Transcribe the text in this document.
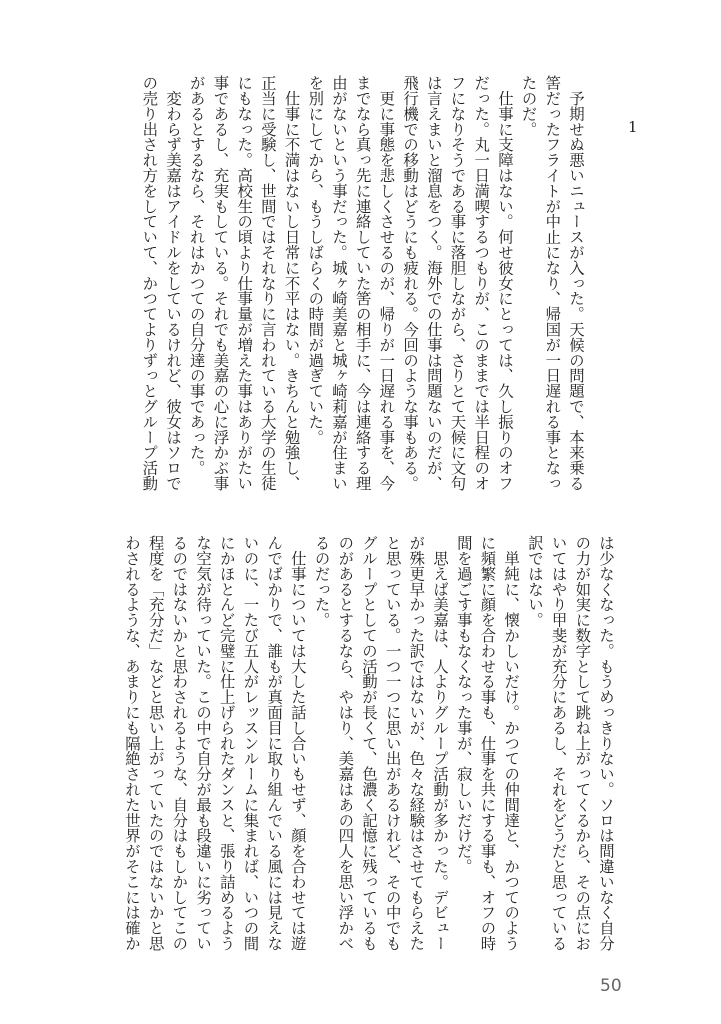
1

　予期せぬ悪いニュースが入った。天候の問題で、本来乗る

筈だったフライトが中止になり、帰国が一日遅れる事となっ

たのだ。

　仕事に支障はない。何せ彼女にとっては、久し振りのオフ

だった。丸一日満喫するつもりが、このままでは半日程のオ

フになりそうである事に落胆しながら、さりとて天候に文句

は言えまいと溜息をつく。海外での仕事は問題ないのだが、

飛行機での移動はどうにも疲れる。今回のような事もある。

　更に事態を悲しくさせるのが、帰りが一日遅れる事を、今

までなら真っ先に連絡していた筈の相手に、今は連絡する理

由がないという事だった。城ヶ崎美嘉と城ヶ崎莉嘉が住まい

を別にしてから、もうしばらくの時間が過ぎていた。

　仕事に不満はないし日常に不平はない。きちんと勉強し、

正当に受験し、世間ではそれなりに言われている大学の生徒

にもなった。高校生の頃より仕事量が増えた事はありがたい

事であるし、充実もしている。それでも美嘉の心に浮かぶ事

があるとするなら、それはかつての自分達の事であった。

　変わらず美嘉はアイドルをしているけれど、彼女はソロで

の売り出され方をしていて、かつてよりずっとグループ活動

は少なくなった。もうめっきりない。ソロは間違いなく自分

の力が如実に数字として跳ね上がってくるから、その点にお

いてはやり甲斐が充分にあるし、それをどうだと思っている

訳ではない。

　単純に、懐かしいだけ。かつての仲間達と、かつてのよう

に頻繁に顔を合わせる事も、仕事を共にする事も、オフの時

間を過ごす事もなくなった事が、寂しいだけだ。

　思えば美嘉は、人よりグループ活動が多かった。デビュー

が殊更早かった訳ではないが、色々な経験はさせてもらえた

と思っている。一つ一つに思い出があるけれど、その中でも

グループとしての活動が長くて、色濃く記憶に残っているも

のがあるとするなら、やはり、美嘉はあの四人を思い浮かべ

るのだった。

　仕事については大した話し合いもせず、顔を合わせては遊

んでばかりで、誰もが真面目に取り組んでいる風には見えな

いのに、一たび五人がレッスンルームに集まれば、いつの間

にかほとんど完璧に仕上げられたダンスと、張り詰めるよう

な空気が待っていた。この中で自分が最も段違いに劣ってい

るのではないかと思わされるような、自分はもしかしてこの

程度を「充分だ」などと思い上がっていたのではないかと思

わされるような、あまりにも隔絶された世界がそこには確か

50
